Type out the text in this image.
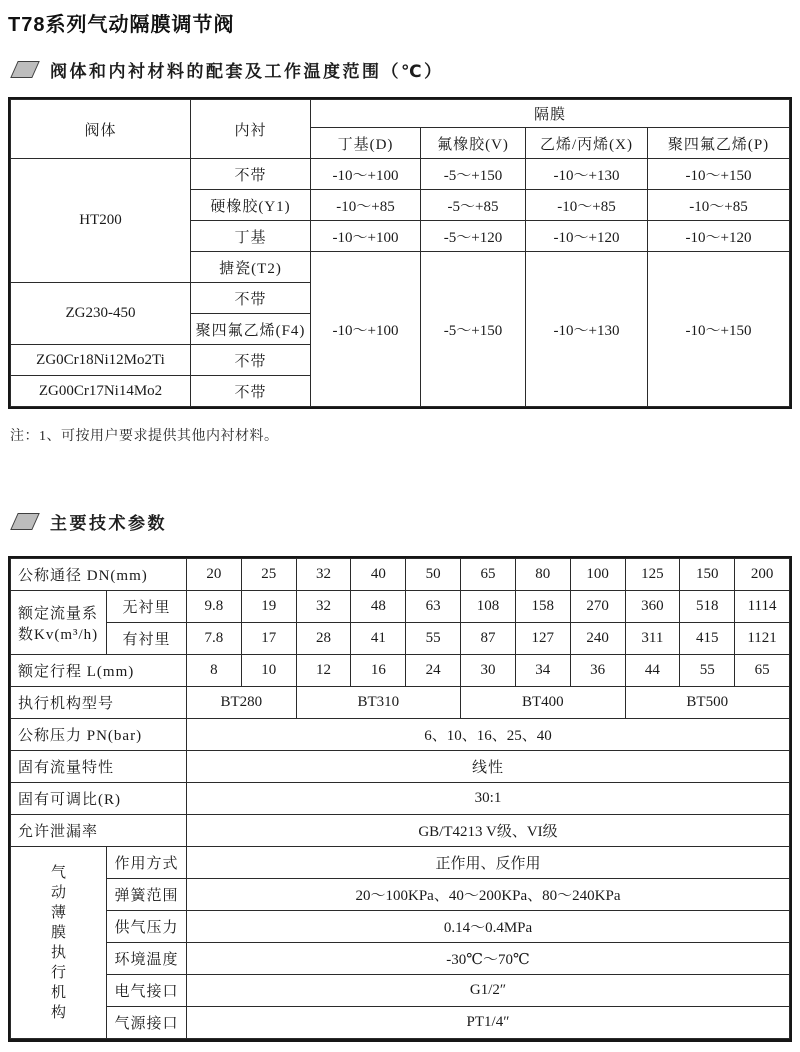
T78系列气动隔膜调节阀
阀体和内衬材料的配套及工作温度范围（℃）
阀体	内衬	隔膜			
		丁基(D)	氟橡胶(V)	乙烯/丙烯(X)	聚四氟乙烯(P)
HT200	不带	-10～+100	-5～+150	-10～+130	-10～+150
	硬橡胶(Y1)	-10～+85	-5～+85	-10～+85	-10～+85
	丁基	-10～+100	-5～+120	-10～+120	-10～+120
	搪瓷(T2)	-10～+100	-5～+150	-10～+130	-10～+150
ZG230-450	不带				
	聚四氟乙烯(F4)				
ZG0Cr18Ni12Mo2Ti	不带				
ZG00Cr17Ni14Mo2	不带				

注：1、可按用户要求提供其他内衬材料。

主要技术参数
公称通径 DN(mm)		20	25	32	40	50	65	80	100	125	150	200
额定流量系数Kv(m³/h)	无衬里	9.8	19	32	48	63	108	158	270	360	518	1114
	有衬里	7.8	17	28	41	55	87	127	240	311	415	1121
额定行程 L(mm)		8	10	12	16	24	30	34	36	44	55	65
执行机构型号		BT280		BT310			BT400			BT500		
公称压力 PN(bar)		6、10、16、25、40										
固有流量特性		线性										
固有可调比(R)		30:1										
允许泄漏率		GB/T4213 V级、VI级										
气动薄膜执行机构	作用方式	正作用、反作用										
	弹簧范围	20～100KPa、40～200KPa、80～240KPa										
	供气压力	0.14～0.4MPa										
	环境温度	-30℃～70℃										
	电气接口	G1/2″										
	气源接口	PT1/4″										
